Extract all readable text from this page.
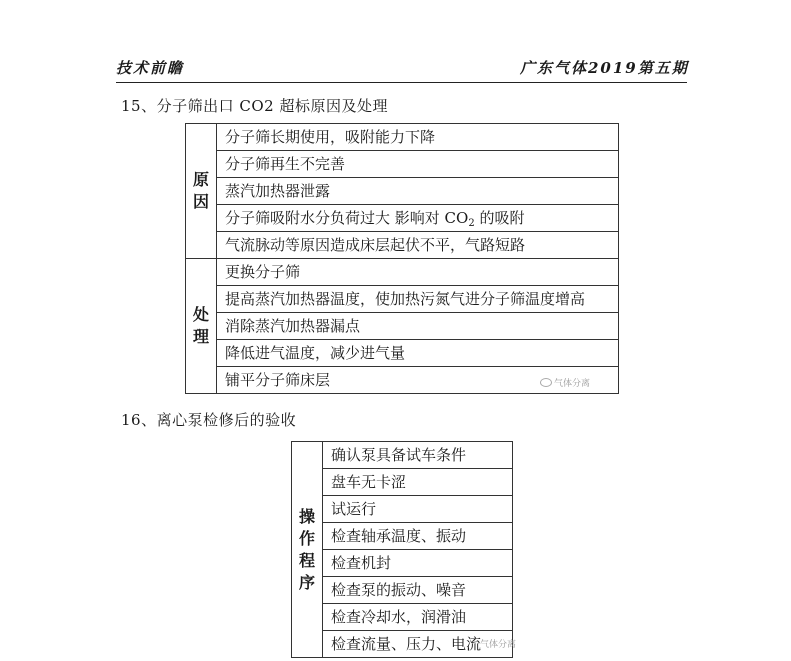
技术前瞻	广东气体2019第五期
15、分子筛出口 CO2 超标原因及处理
原
因	分子筛长期使用，吸附能力下降
	分子筛再生不完善
	蒸汽加热器泄露
	分子筛吸附水分负荷过大 影响对 $CO_2$ 的吸附
	气流脉动等原因造成床层起伏不平，气路短路

处
理	更换分子筛
	提高蒸汽加热器温度，使加热污氮气进分子筛温度增高
	消除蒸汽加热器漏点
	降低进气温度，减少进气量
	铺平分子筛床层	气体分离
16、离心泵检修后的验收
操
作
程
序
	确认泵具备试车条件
盘车无卡涩
试运行
检查轴承温度、振动
检查机封
检查泵的振动、噪音
检查冷却水，润滑油
检查流量、压力、电流
气体分离
